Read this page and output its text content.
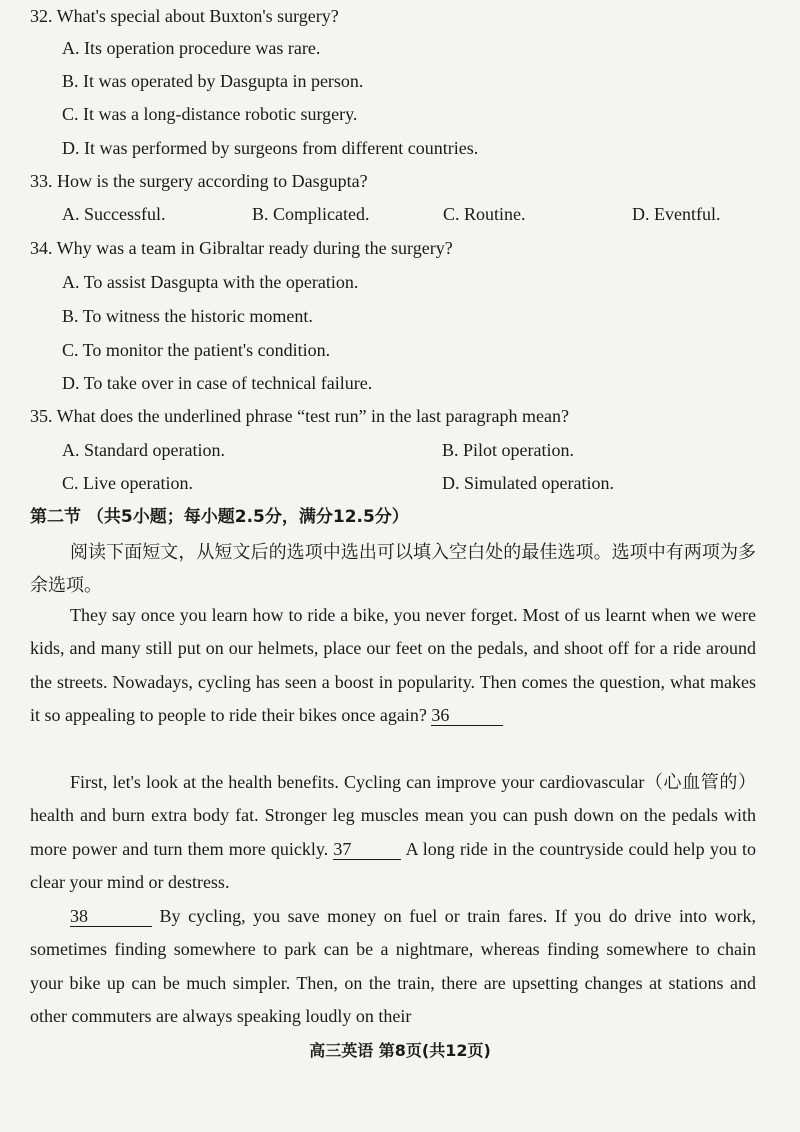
32. What's special about Buxton's surgery?
A. Its operation procedure was rare.
B. It was operated by Dasgupta in person.
C. It was a long-distance robotic surgery.
D. It was performed by surgeons from different countries.
33. How is the surgery according to Dasgupta?
A. Successful.	B. Complicated.	C. Routine.	D. Eventful.
34. Why was a team in Gibraltar ready during the surgery?
A. To assist Dasgupta with the operation.
B. To witness the historic moment.
C. To monitor the patient's condition.
D. To take over in case of technical failure.
35. What does the underlined phrase “test run” in the last paragraph mean?
A. Standard operation.	B. Pilot operation.
C. Live operation.	D. Simulated operation.
第二节 （共5小题；每小题2.5分，满分12.5分）
阅读下面短文，从短文后的选项中选出可以填入空白处的最佳选项。选项中有两项为多余选项。
They say once you learn how to ride a bike, you never forget. Most of us learnt when we were kids, and many still put on our helmets, place our feet on the pedals, and shoot off for a ride around the streets. Nowadays, cycling has seen a boost in popularity. Then comes the question, what makes it so appealing to people to ride their bikes once again? 36
First, let's look at the health benefits. Cycling can improve your cardiovascular（心血管的）health and burn extra body fat. Stronger leg muscles mean you can push down on the pedals with more power and turn them more quickly. 37	A long ride in the countryside could help you to clear your mind or destress.
38	By cycling, you save money on fuel or train fares. If you do drive into work, sometimes finding somewhere to park can be a nightmare, whereas finding somewhere to chain your bike up can be much simpler. Then, on the train, there are upsetting changes at stations and other commuters are always speaking loudly on their
高三英语 第8页(共12页)
